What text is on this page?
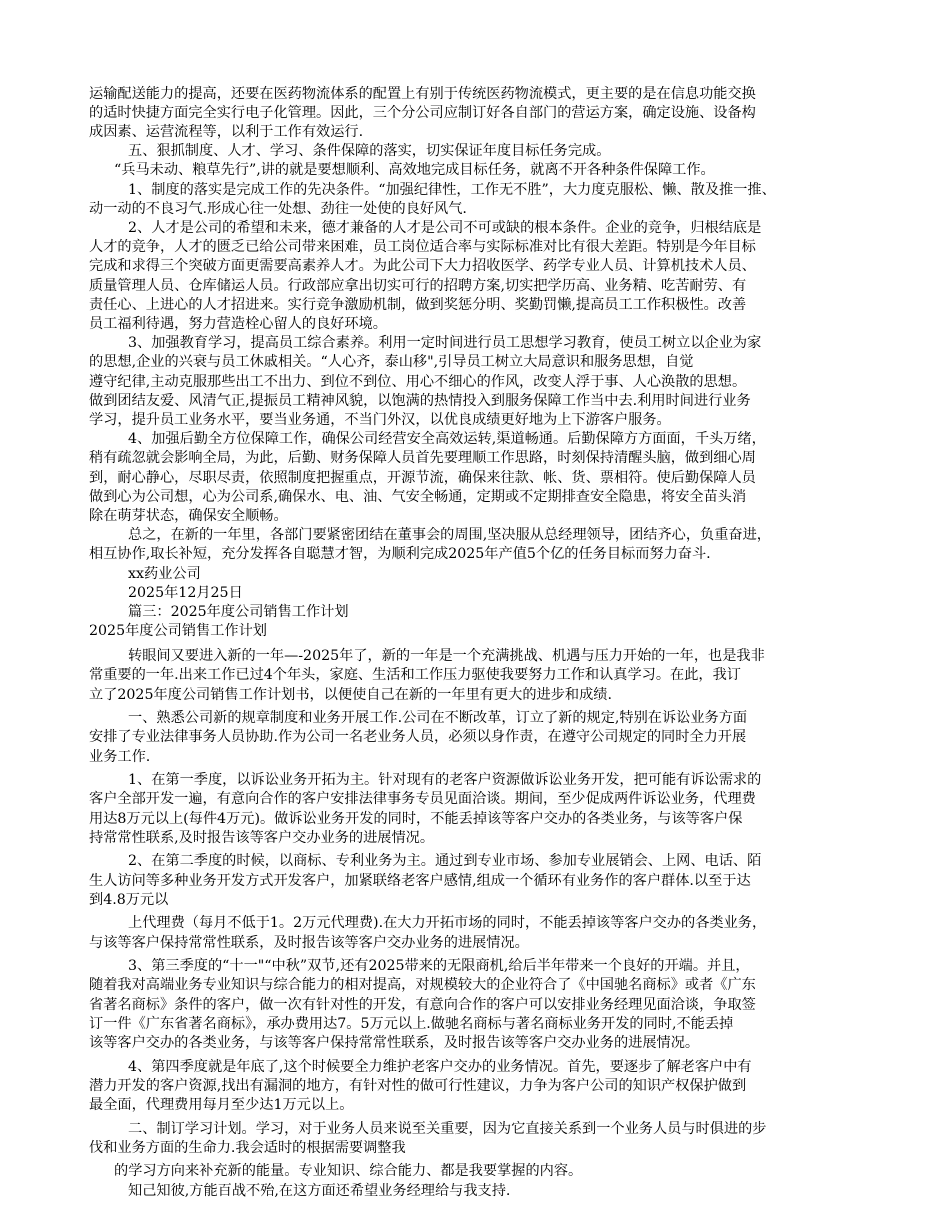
运输配送能力的提高，还要在医药物流体系的配置上有别于传统医药物流模式，更主要的是在信息功能交换
的适时快捷方面完全实行电子化管理。因此，三个分公司应制订好各自部门的营运方案，确定设施、设备构
成因素、运营流程等，以利于工作有效运行.
五、狠抓制度、人才、学习、条件保障的落实，切实保证年度目标任务完成。
“兵马未动、粮草先行”,讲的就是要想顺利、高效地完成目标任务，就离不开各种条件保障工作。
1、制度的落实是完成工作的先决条件。“加强纪律性，工作无不胜”，大力度克服松、懒、散及推一推、
动一动的不良习气.形成心往一处想、劲往一处使的良好风气.
2、人才是公司的希望和未来，德才兼备的人才是公司不可或缺的根本条件。企业的竞争，归根结底是
人才的竞争，人才的匮乏已给公司带来困难，员工岗位适合率与实际标准对比有很大差距。特别是今年目标
完成和求得三个突破方面更需要高素养人才。为此公司下大力招收医学、药学专业人员、计算机技术人员、
质量管理人员、仓库储运人员。行政部应拿出切实可行的招聘方案,切实把学历高、业务精、吃苦耐劳、有
责任心、上进心的人才招进来。实行竞争激励机制，做到奖惩分明、奖勤罚懒,提高员工工作积极性。改善
员工福利待遇，努力营造栓心留人的良好环境。
3、加强教育学习，提高员工综合素养。利用一定时间进行员工思想学习教育，使员工树立以企业为家
的思想,企业的兴衰与员工休戚相关。“人心齐，泰山移",引导员工树立大局意识和服务思想，自觉
遵守纪律,主动克服那些出工不出力、到位不到位、用心不细心的作风，改变人浮于事、人心涣散的思想。
做到团结友爱、风清气正,提振员工精神风貌，以饱满的热情投入到服务保障工作当中去.利用时间进行业务
学习，提升员工业务水平，要当业务通，不当门外汉，以优良成绩更好地为上下游客户服务。
4、加强后勤全方位保障工作，确保公司经营安全高效运转,渠道畅通。后勤保障方方面面，千头万绪，
稍有疏忽就会影响全局，为此，后勤、财务保障人员首先要理顺工作思路，时刻保持清醒头脑，做到细心周
到，耐心静心，尽职尽责，依照制度把握重点，开源节流，确保来往款、帐、货、票相符。使后勤保障人员
做到心为公司想，心为公司系,确保水、电、油、气安全畅通，定期或不定期排查安全隐患，将安全苗头消
除在萌芽状态，确保安全顺畅。
总之，在新的一年里，各部门要紧密团结在董事会的周围,坚决服从总经理领导，团结齐心，负重奋进，
相互协作,取长补短，充分发挥各自聪慧才智，为顺利完成2025年产值5个亿的任务目标而努力奋斗.
xx药业公司
2025年12月25日
篇三：2025年度公司销售工作计划
2025年度公司销售工作计划
转眼间又要进入新的一年—-2025年了，新的一年是一个充满挑战、机遇与压力开始的一年，也是我非
常重要的一年.出来工作已过4个年头，家庭、生活和工作压力驱使我要努力工作和认真学习。在此，我订
立了2025年度公司销售工作计划书，以便使自己在新的一年里有更大的进步和成绩.
一、熟悉公司新的规章制度和业务开展工作.公司在不断改革，订立了新的规定,特别在诉讼业务方面
安排了专业法律事务人员协助.作为公司一名老业务人员，必须以身作责，在遵守公司规定的同时全力开展
业务工作.
1、在第一季度，以诉讼业务开拓为主。针对现有的老客户资源做诉讼业务开发，把可能有诉讼需求的
客户全部开发一遍，有意向合作的客户安排法律事务专员见面洽谈。期间，至少促成两件诉讼业务，代理费
用达8万元以上(每件4万元)。做诉讼业务开发的同时，不能丢掉该等客户交办的各类业务，与该等客户保
持常常性联系,及时报告该等客户交办业务的进展情况。
2、在第二季度的时候，以商标、专利业务为主。通过到专业市场、参加专业展销会、上网、电话、陌
生人访问等多种业务开发方式开发客户，加紧联络老客户感情,组成一个循环有业务作的客户群体.以至于达
到4.8万元以
上代理费（每月不低于1。2万元代理费).在大力开拓市场的同时，不能丢掉该等客户交办的各类业务，
与该等客户保持常常性联系，及时报告该等客户交办业务的进展情况。
3、第三季度的“十一"“中秋”双节,还有2025带来的无限商机,给后半年带来一个良好的开端。并且，
随着我对高端业务专业知识与综合能力的相对提高，对规模较大的企业符合了《中国驰名商标》或者《广东
省著名商标》条件的客户，做一次有针对性的开发，有意向合作的客户可以安排业务经理见面洽谈，争取签
订一件《广东省著名商标》，承办费用达7。5万元以上.做驰名商标与著名商标业务开发的同时,不能丢掉
该等客户交办的各类业务，与该等客户保持常常性联系，及时报告该等客户交办业务的进展情况。
4、第四季度就是年底了,这个时候要全力维护老客户交办的业务情况。首先，要逐步了解老客户中有
潜力开发的客户资源,找出有漏洞的地方，有针对性的做可行性建议，力争为客户公司的知识产权保护做到
最全面，代理费用每月至少达1万元以上。
二、制订学习计划。学习，对于业务人员来说至关重要，因为它直接关系到一个业务人员与时俱进的步
伐和业务方面的生命力.我会适时的根据需要调整我
的学习方向来补充新的能量。专业知识、综合能力、都是我要掌握的内容。
知己知彼,方能百战不殆,在这方面还希望业务经理给与我支持.
